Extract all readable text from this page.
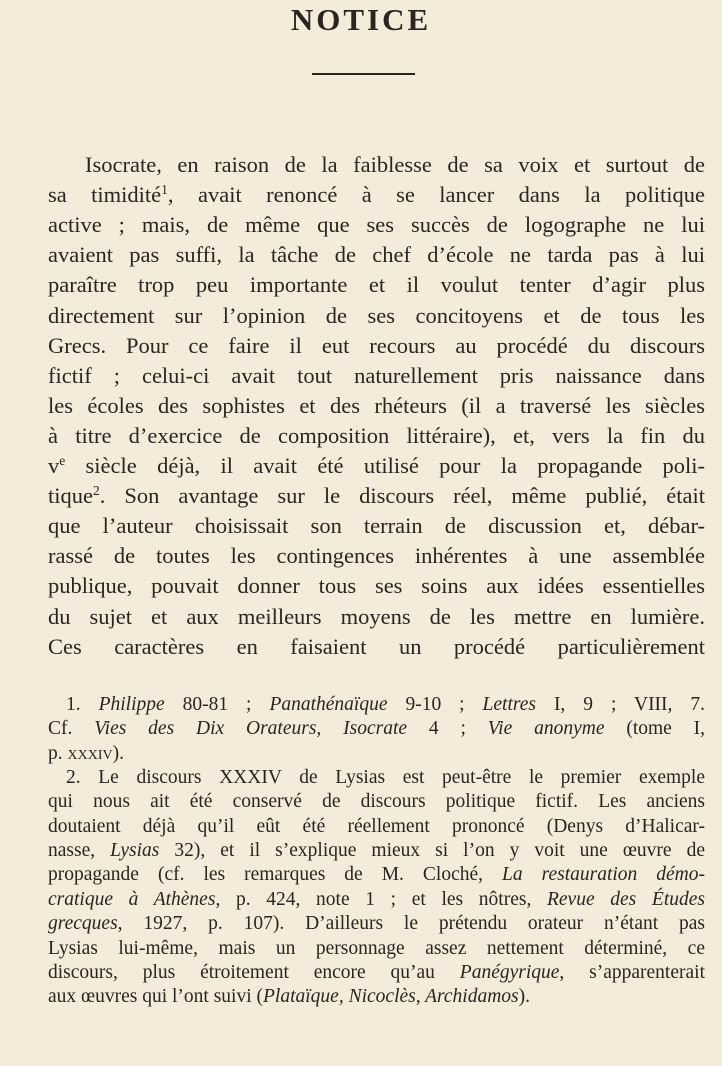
NOTICE
Isocrate, en raison de la faiblesse de sa voix et surtout de
sa timidité$^1$, avait renoncé à se lancer dans la politique
active ; mais, de même que ses succès de logographe ne lui
avaient pas suffi, la tâche de chef d’école ne tarda pas à lui
paraître trop peu importante et il voulut tenter d’agir plus
directement sur l’opinion de ses concitoyens et de tous les
Grecs. Pour ce faire il eut recours au procédé du discours
fictif ; celui-ci avait tout naturellement pris naissance dans
les écoles des sophistes et des rhéteurs (il a traversé les siècles
à titre d’exercice de composition littéraire), et, vers la fin du
$v^e$ siècle déjà, il avait été utilisé pour la propagande poli-
tique$^2$. Son avantage sur le discours réel, même publié, était
que l’auteur choisissait son terrain de discussion et, débar-
rassé de toutes les contingences inhérentes à une assemblée
publique, pouvait donner tous ses soins aux idées essentielles
du sujet et aux meilleurs moyens de les mettre en lumière.
Ces caractères en faisaient un procédé particulièrement
1. Philippe 80-81 ; Panathénaïque 9-10 ; Lettres I, 9 ; VIII, 7.
Cf. Vies des Dix Orateurs, Isocrate 4 ; Vie anonyme (tome I,
p. xxxiv).
2. Le discours XXXIV de Lysias est peut-être le premier exemple
qui nous ait été conservé de discours politique fictif. Les anciens
doutaient déjà qu’il eût été réellement prononcé (Denys d’Halicar-
nasse, Lysias 32), et il s’explique mieux si l’on y voit une œuvre de
propagande (cf. les remarques de M. Cloché, La restauration démo-
cratique à Athènes, p. 424, note 1 ; et les nôtres, Revue des Études
grecques, 1927, p. 107). D’ailleurs le prétendu orateur n’étant pas
Lysias lui-même, mais un personnage assez nettement déterminé, ce
discours, plus étroitement encore qu’au Panégyrique, s’apparenterait
aux œuvres qui l’ont suivi (Plataïque, Nicoclès, Archidamos).
